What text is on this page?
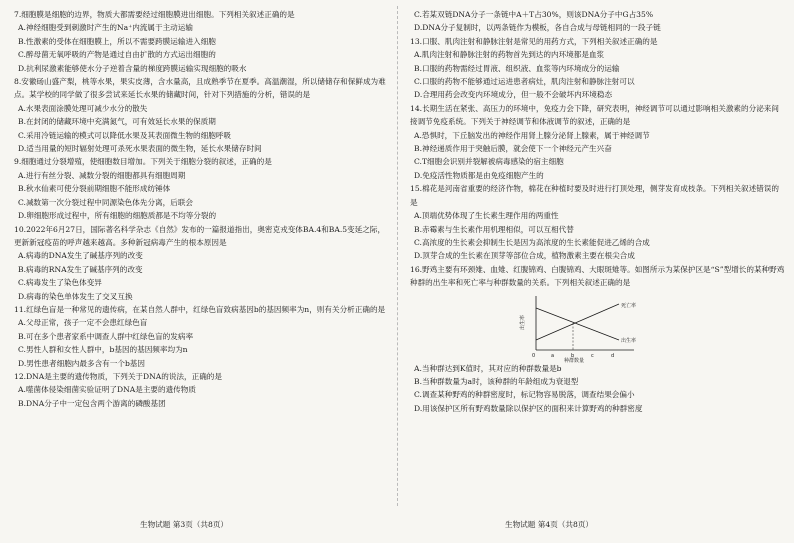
7.细胞膜是细胞的边界，物质大都需要经过细胞膜进出细胞。下列相关叙述正确的是
A.神经细胞受到刺激时产生的Na⁺内流属于主动运输
B.性激素的受体在细胞膜上，所以不需要跨膜运输进入细胞
C.醉母菌无氧呼吸的产物是通过自由扩散的方式运出细胞的
D.抗利尿激素能够使水分子逆着含量的梯度跨膜运输实现细胞的吸水
8.安徽砀山盛产梨，桃等水果，果实皮薄，含水量高，且成熟季节在夏季。高温潮湿，所以储储存和保鲜成为难点。某学校的同学做了很多尝试来延长水果的储藏时间，针对下列措施的分析，错误的是
A.水果表面涂膜处理可减少水分的散失
B.在封闭的储藏环境中充满氮气，可有效延长水果的保质期
C.采用冷链运输的模式可以降低水果及其表面微生物的细胞呼吸
D.适当用量的短时辐射处理可杀死水果表面的微生物，延长水果储存时间
9.细胞通过分裂增殖，使细胞数目增加。下列关于细胞分裂的叙述，正确的是
A.进行有丝分裂、减数分裂的细胞都具有细胞周期
B.秋水仙素可使分裂前期细胞不能形成纺锤体
C.减数第一次分裂过程中同源染色体先分离，后联会
D.卵细胞形成过程中，所有细胞的细胞质都是不均等分裂的
10.2022年6月27日，国际著名科学杂志《自然》发布的一篇报道指出，奥密克戎变体BA.4和BA.5变延之际，更新新冠疫苗的呼声越来越高。多种新冠病毒产生的根本原因是
A.病毒的DNA发生了碱基序列的改变
B.病毒的RNA发生了碱基序列的改变
C.病毒发生了染色体变异
D.病毒的染色单体发生了交叉互换
11.红绿色盲是一种常见的遗传病，在某自然人群中，红绿色盲致病基因b的基因频率为n，则有关分析正确的是
A.父母正常，孩子一定不会患红绿色盲
B.可在多个患者家系中调查人群中红绿色盲的发病率
C.男性人群和女性人群中，b基因的基因频率均为n
D.男性患者细胞内最多含有一个b基因
12.DNA是主要的遗传物质，下列关于DNA的说法，正确的是
A.噬菌体侵染细菌实验证明了DNA是主要的遗传物质
B.DNA分子中一定包含两个游离的磷酸基团
C.若某双链DNA分子一条链中A＋T占30%，则该DNA分子中G占35%
D.DNA分子复制时，以两条链作为模板，各自合成与母链相同的一段子链
13.口服、肌肉注射和静脉注射是常见的用药方式，下列相关叙述正确的是
A.肌肉注射和静脉注射的药物首先到达的内环境都是血浆
B.口服的药物需经过胃液、组织液、血浆等内环境成分的运输
C.口服的药物不能够通过运进患者病灶，肌肉注射和静脉注射可以
D.合理用药会改变内环境成分，但一般不会破坏内环境稳态
14.长期生活在紧张、高压力的环境中，免疫力会下降，研究表明，神经调节可以通过影响相关激素的分泌来间接调节免疫系统。下列关于神经调节和体液调节的叙述，正确的是
A.恐惧时，下丘脑发出的神经作用肾上腺分泌肾上腺素，属于神经调节
B.神经递质作用于突触后膜，就会使下一个神经元产生兴奋
C.T细胞会识别并裂解被病毒感染的宿主细胞
D.免疫活性物质都是由免疫细胞产生的
15.棉花是河南省重要的经济作物，棉花在种植时要及时进行打顶处理，侧芽发育成枝条。下列相关叙述错误的是
A.顶端优势体现了生长素生理作用的两重性
B.赤霉素与生长素作用机理相似，可以互相代替
C.高浓度的生长素会抑制生长是因为高浓度的生长素能促进乙烯的合成
D.顶芽合成的生长素在顶芽等部位合成，植物激素主要在根尖合成
16.野鸡主要有环颈雉、血雉、红腹锦鸡、白腹锦鸡、大眼斑雉等。如图所示为某保护区是“S”型增长的某种野鸡种群的出生率和死亡率与种群数量的关系。下列相关叙述正确的是
出生率
死亡率
出生率
0	a	b	c	d
种群数量
A.当种群达到K值时，其对应的种群数量是b
B.当种群数量为a时，该种群的年龄组成为衰退型
C.调查某种野鸡的种群密度时，标记物容易脱落，调查结果会偏小
D.用该保护区所有野鸡数量除以保护区的面积来计算野鸡的种群密度
生物试题 第3页（共8页）	生物试题 第4页（共8页）
